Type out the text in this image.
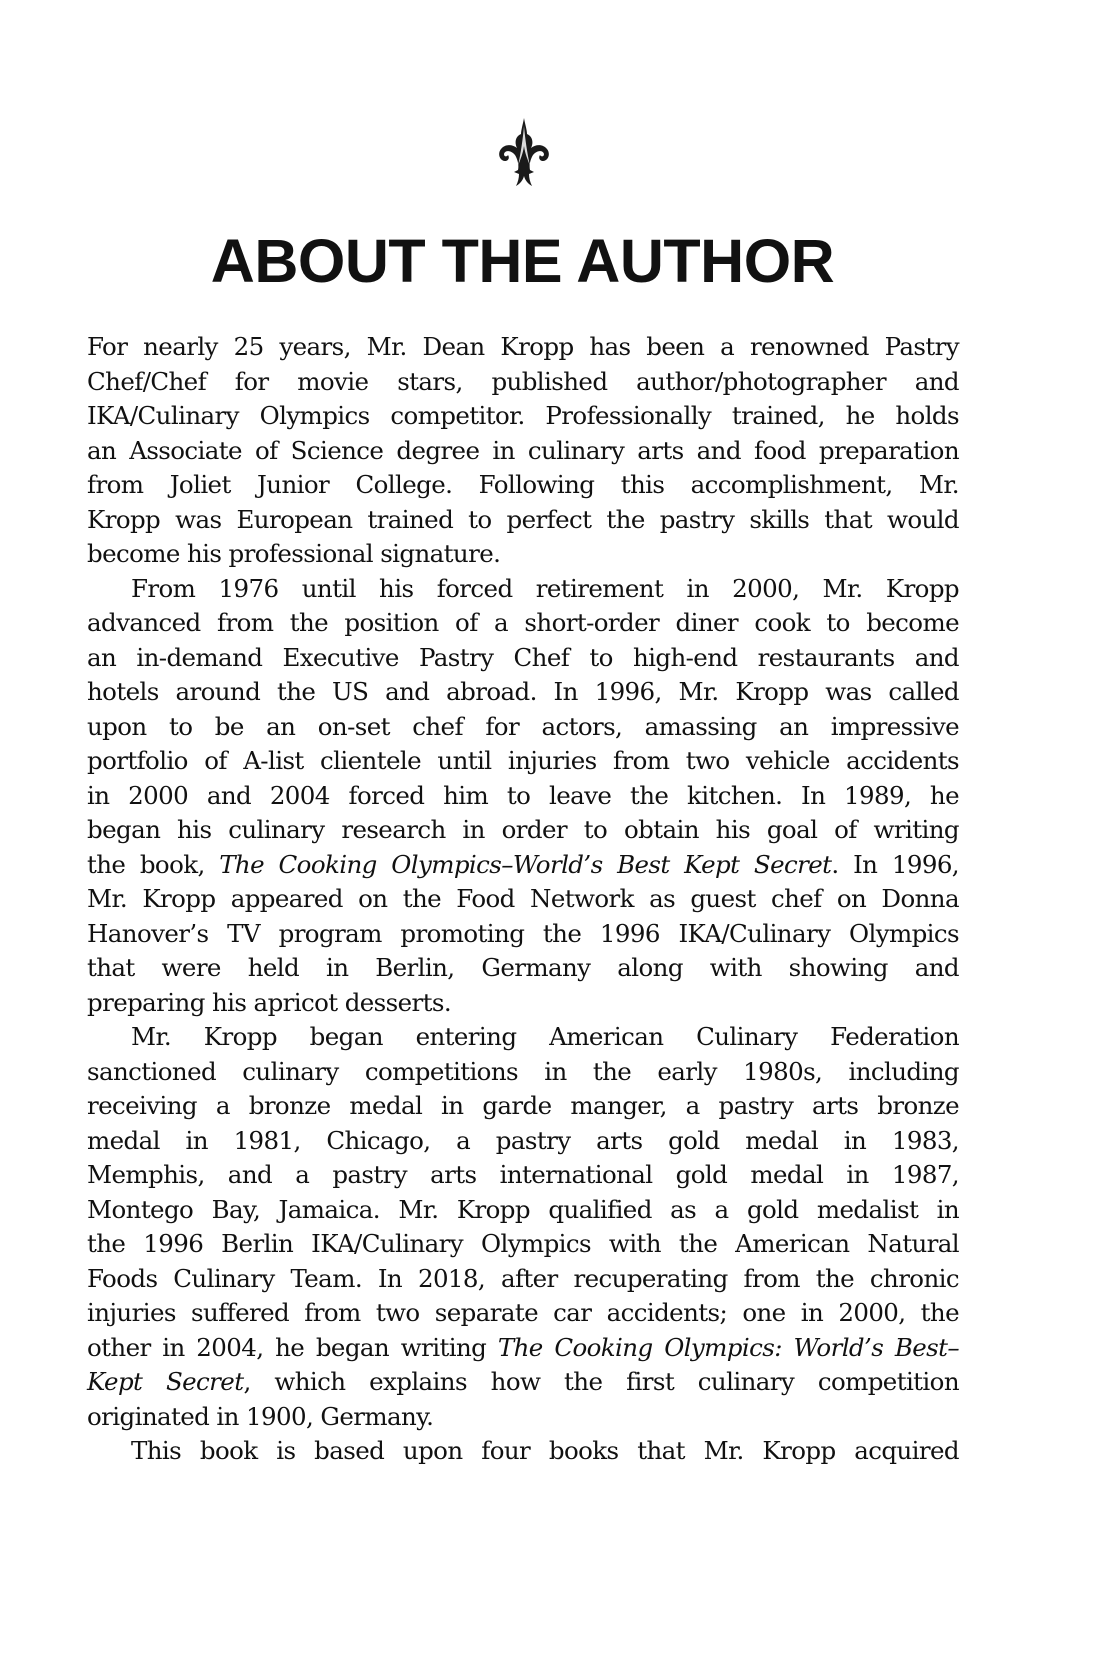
ABOUT THE AUTHOR
For nearly 25 years, Mr. Dean Kropp has been a renowned Pastry
Chef/Chef for movie stars, published author/photographer and
IKA/Culinary Olympics competitor. Professionally trained, he holds
an Associate of Science degree in culinary arts and food preparation
from Joliet Junior College. Following this accomplishment, Mr.
Kropp was European trained to perfect the pastry skills that would
become his professional signature.
From 1976 until his forced retirement in 2000, Mr. Kropp
advanced from the position of a short-order diner cook to become
an in-demand Executive Pastry Chef to high-end restaurants and
hotels around the US and abroad. In 1996, Mr. Kropp was called
upon to be an on-set chef for actors, amassing an impressive
portfolio of A-list clientele until injuries from two vehicle accidents
in 2000 and 2004 forced him to leave the kitchen. In 1989, he
began his culinary research in order to obtain his goal of writing
the book, The Cooking Olympics–World’s Best Kept Secret. In 1996,
Mr. Kropp appeared on the Food Network as guest chef on Donna
Hanover’s TV program promoting the 1996 IKA/Culinary Olympics
that were held in Berlin, Germany along with showing and
preparing his apricot desserts.
Mr. Kropp began entering American Culinary Federation
sanctioned culinary competitions in the early 1980s, including
receiving a bronze medal in garde manger, a pastry arts bronze
medal in 1981, Chicago, a pastry arts gold medal in 1983,
Memphis, and a pastry arts international gold medal in 1987,
Montego Bay, Jamaica. Mr. Kropp qualified as a gold medalist in
the 1996 Berlin IKA/Culinary Olympics with the American Natural
Foods Culinary Team. In 2018, after recuperating from the chronic
injuries suffered from two separate car accidents; one in 2000, the
other in 2004, he began writing The Cooking Olympics: World’s Best–
Kept Secret, which explains how the first culinary competition
originated in 1900, Germany.
This book is based upon four books that Mr. Kropp acquired
